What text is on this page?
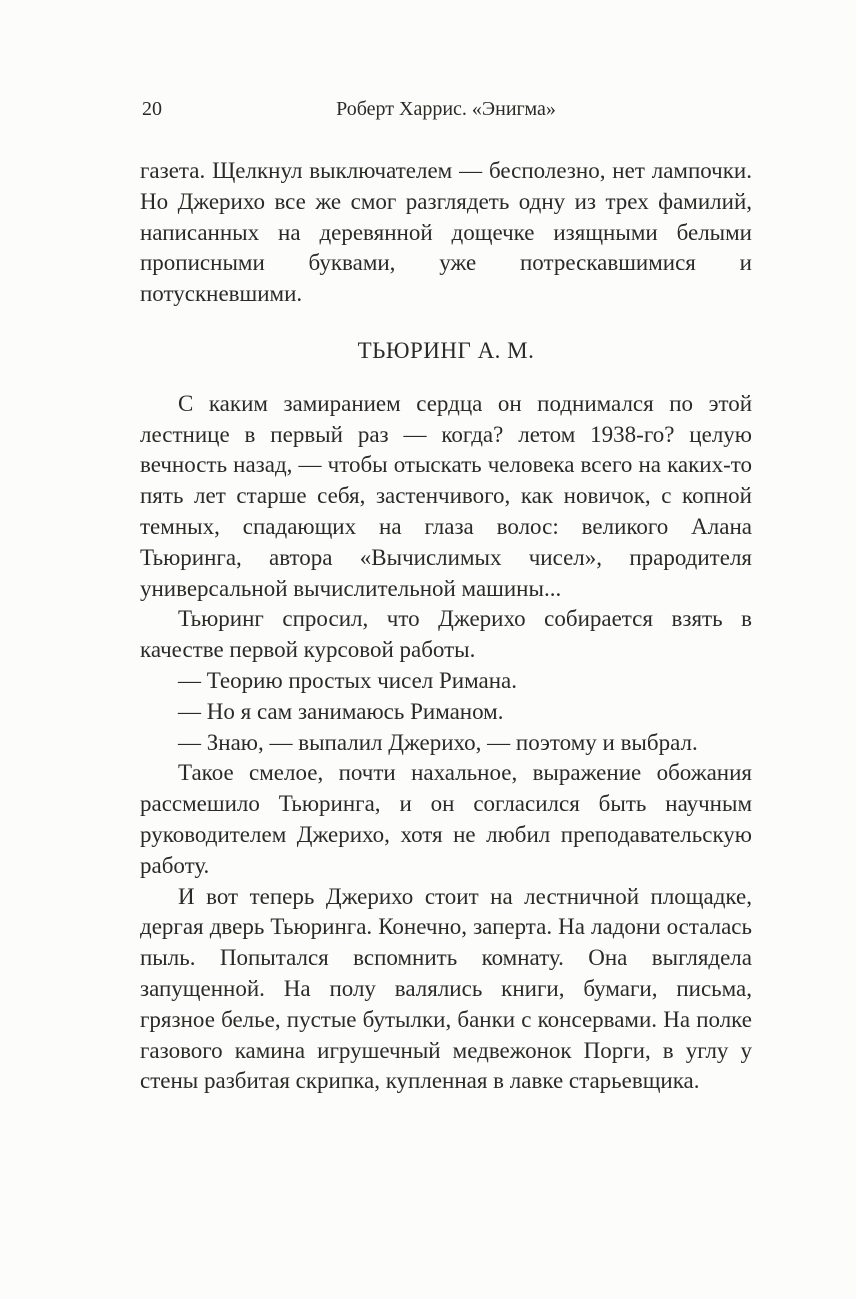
20	Роберт Харрис. «Энигма»

газета. Щелкнул выключателем — бесполезно, нет лампочки. Но Джерихо все же смог разглядеть одну из трех фамилий, написанных на деревянной дощечке изящными белыми прописными буквами, уже потрескавшимися и потускневшими.

ТЬЮРИНГ А. М.

С каким замиранием сердца он поднимался по этой лестнице в первый раз — когда? летом 1938-го? целую вечность назад, — чтобы отыскать человека всего на каких-то пять лет старше себя, застенчивого, как новичок, с копной темных, спадающих на глаза волос: великого Алана Тьюринга, автора «Вычислимых чисел», прародителя универсальной вычислительной машины...

Тьюринг спросил, что Джерихо собирается взять в качестве первой курсовой работы.

— Теорию простых чисел Римана.

— Но я сам занимаюсь Риманом.

— Знаю, — выпалил Джерихо, — поэтому и выбрал.

Такое смелое, почти нахальное, выражение обожания рассмешило Тьюринга, и он согласился быть научным руководителем Джерихо, хотя не любил преподавательскую работу.

И вот теперь Джерихо стоит на лестничной площадке, дергая дверь Тьюринга. Конечно, заперта. На ладони осталась пыль. Попытался вспомнить комнату. Она выглядела запущенной. На полу валялись книги, бумаги, письма, грязное белье, пустые бутылки, банки с консервами. На полке газового камина игрушечный медвежонок Порги, в углу у стены разбитая скрипка, купленная в лавке старьевщика.
